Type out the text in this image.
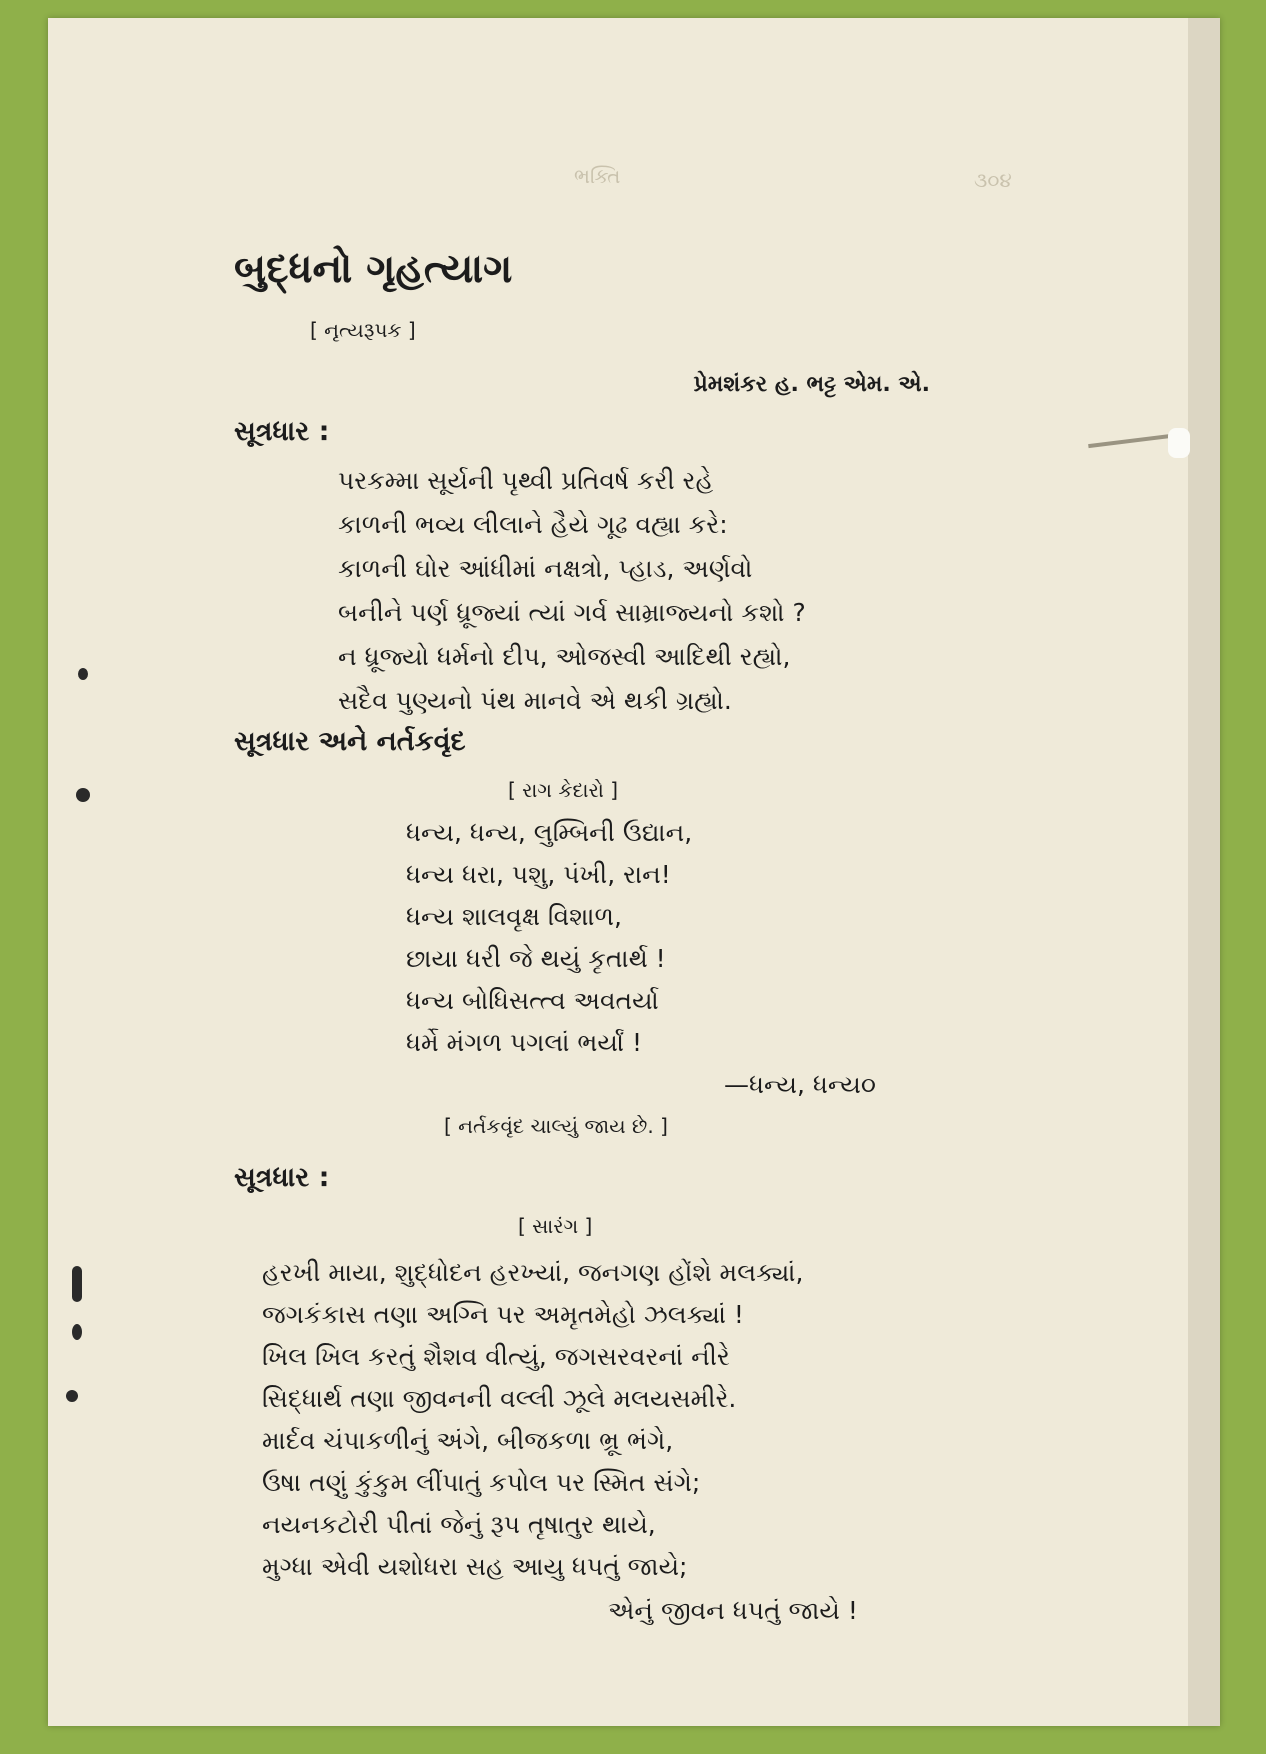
ભક્તિ	૩૦૪
બુદ્ધનો ગૃહત્યાગ
[ નૃત્યરૂપક ]
પ્રેમશંકર હ. ભટ્ટ એમ. એ.
સૂત્રધાર :
પરકમ્મા સૂર્યની પૃથ્વી પ્રતિવર્ષ કરી રહે
કાળની ભવ્ય લીલાને હૈયે ગૂઢ વહ્યા કરે:
કાળની ઘોર આંધીમાં નક્ષત્રો, પ્હાડ, અર્ણવો
બનીને પર્ણ ધ્રૂજ્યાં ત્યાં ગર્વ સામ્રાજ્યનો કશો ?
ન ધ્રૂજ્યો ધર્મનો દીપ, ઓજસ્વી આદિથી રહ્યો,
સદૈવ પુણ્યનો પંથ માનવે એ થકી ગ્રહ્યો.
સૂત્રધાર અને નર્તકવૃંદ
[ રાગ કેદારો ]
ધન્ય, ધન્ય, લુમ્બિની ઉદ્યાન,
ધન્ય ધરા, પશુ, પંખી, રાન!
ધન્ય શાલવૃક્ષ વિશાળ,
છાયા ધરી જે થયું કૃતાર્થ !
ધન્ય બોધિસત્ત્વ અવતર્યા
ધર્મે મંગળ પગલાં ભર્યાં !
—ધન્ય, ધન્ય૦
[ નર્તકવૃંદ ચાલ્યું જાય છે. ]
સૂત્રધાર :
[ સારંગ ]
હરખી માયા, શુદ્ધોદન હરખ્યાં, જનગણ હોંશે મલક્યાં,
જગકંકાસ તણા અગ્નિ પર અમૃતમેહો ઝલક્યાં !
ખિલ ખિલ કરતું શૈશવ વીત્યું, જગસરવરનાં નીરે
સિદ્ધાર્થ તણા જીવનની વલ્લી ઝૂલે મલયસમીરે.
માર્દવ ચંપાકળીનું અંગે, બીજકળા ભ્રૂ ભંગે,
ઉષા તણું કુંકુમ લીંપાતું કપોલ પર સ્મિત સંગે;
નયનકટોરી પીતાં જેનું રૂપ તૃષાતુર થાયે,
મુગ્ધા એવી યશોધરા સહ આયુ ધપતું જાયે;
એનું જીવન ધપતું જાયે !
